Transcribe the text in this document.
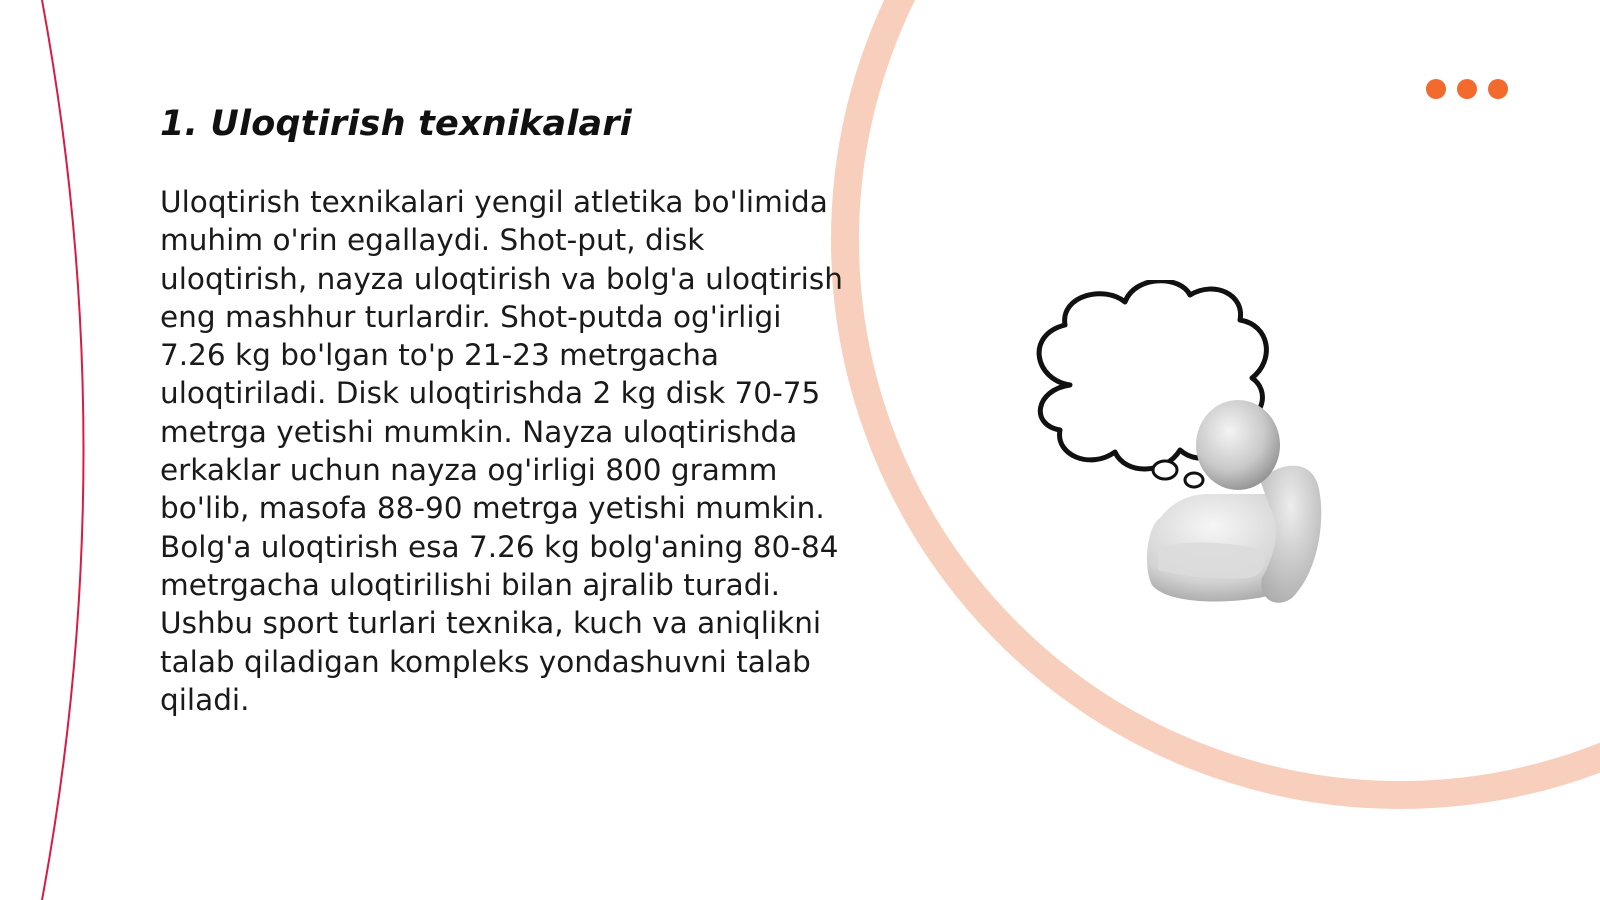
1. Uloqtirish texnikalari

Uloqtirish texnikalari yengil atletika bo'limida muhim o'rin egallaydi. Shot-put, disk uloqtirish, nayza uloqtirish va bolg'a uloqtirish eng mashhur turlardir. Shot-putda og'irligi 7.26 kg bo'lgan to'p 21-23 metrgacha uloqtiriladi. Disk uloqtirishda 2 kg disk 70-75 metrga yetishi mumkin. Nayza uloqtirishda erkaklar uchun nayza og'irligi 800 gramm bo'lib, masofa 88-90 metrga yetishi mumkin. Bolg'a uloqtirish esa 7.26 kg bolg'aning 80-84 metrgacha uloqtirilishi bilan ajralib turadi. Ushbu sport turlari texnika, kuch va aniqlikni talab qiladigan kompleks yondashuvni talab qiladi.
